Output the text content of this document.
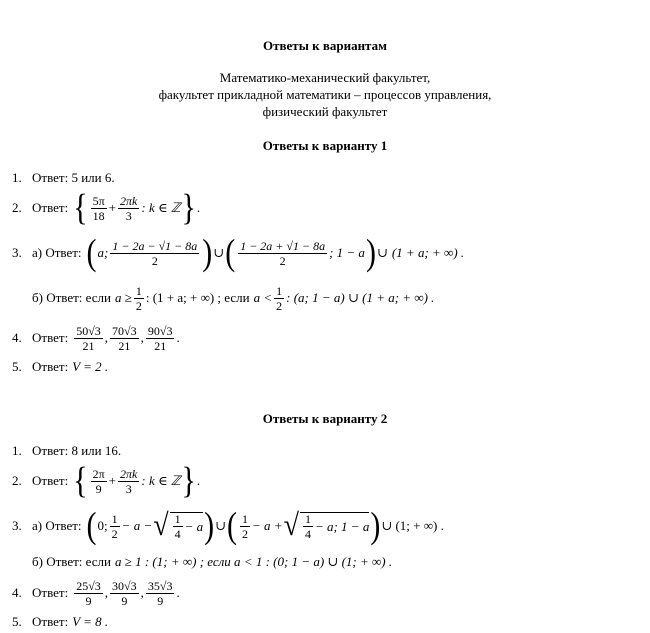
Ответы к вариантам
Математико-механический факультет,
факультет прикладной математики – процессов управления,
физический факультет
Ответы к варианту 1
1. Ответ: 5 или 6.
2. Ответ: { $\frac{5\pi}{18} + \frac{2\pi k}{3}$ : k ∈ ℤ } .
3. а) Ответ: ( a; $\frac{1 - 2a - √1 - 8a}{2}$ ) ∪ ( $\frac{1 - 2a + √1 - 8a}{2}$ ; 1 − a ) ∪ (1 + a; + ∞) .
б) Ответ: если $a \ge \frac{1}{2}$ : (1 + a; + ∞) ; если $a < \frac{1}{2}$ : (a; 1 − a) ∪ (1 + a; + ∞) .
4. Ответ: $\frac{50√3}{21}$ , $\frac{70√3}{21}$ , $\frac{90√3}{21}$ .
5. Ответ: V = 2 .
Ответы к варианту 2
1. Ответ: 8 или 16.
2. Ответ: { $\frac{2\pi}{9} + \frac{2\pi k}{3}$ : k ∈ ℤ } .
3. а) Ответ: ( 0; $\frac{1}{2} - a$ − √ $\frac{1}{4} - a$ ) ∪ ( $\frac{1}{2} - a$ + √ $\frac{1}{4} - a$; 1 − a ) ∪ (1; + ∞) .
б) Ответ: если a ≥ 1 : (1; + ∞) ; если a < 1 : (0; 1 − a) ∪ (1; + ∞) .
4. Ответ: $\frac{25√3}{9}$ , $\frac{30√3}{9}$ , $\frac{35√3}{9}$ .
5. Ответ: V = 8 .
